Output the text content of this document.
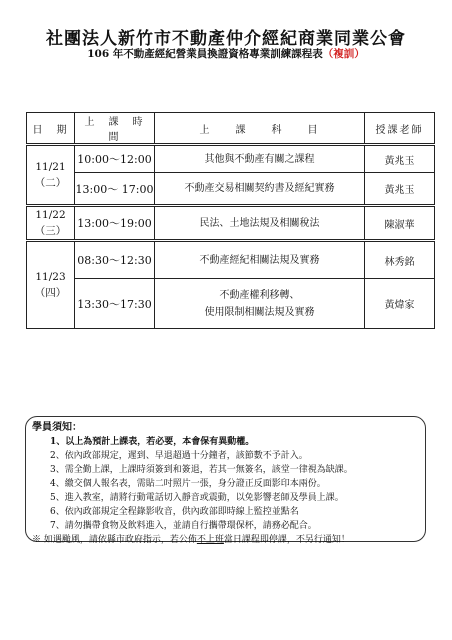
社團法人新竹市不動產仲介經紀商業同業公會
106 年不動產經紀營業員換證資格專業訓練課程表（複訓）
日　期	上　課　時　間	上　　課　　科　　目	授課老師

11/21
（二）	10:00～12:00	其他與不動產有關之課程	黃兆玉
	13:00～ 17:00	不動產交易相關契約書及經紀實務	黃兆玉

11/22
（三）	13:00～19:00	民法、土地法規及相關稅法	陳淑華

11/23
（四）	08:30～12:30	不動產經紀相關法規及實務	林秀銘
	13:30～17:30	不動產權利移轉、
使用限制相關法規及實務	黃煒家
學員須知：
1、以上為預計上課表，若必要，本會保有異動權。
2、依內政部規定，遲到、早退超過十分鐘者，該節數不予計入。
3、需全勤上課，上課時須簽到和簽退，若其一無簽名，該堂一律視為缺課。
4、繳交個人報名表，需貼二吋照片一張，身分證正反面影印本兩份。
5、進入教室，請將行動電話切入靜音或震動，以免影響老師及學員上課。
6、依內政部規定全程錄影收音，供內政部即時線上監控並點名
7、請勿攜帶食物及飲料進入，並請自行攜帶環保杯，請務必配合。
※ 如遇颱風，請依縣市政府指示，若公佈不上班當日課程即停課，不另行通知！
